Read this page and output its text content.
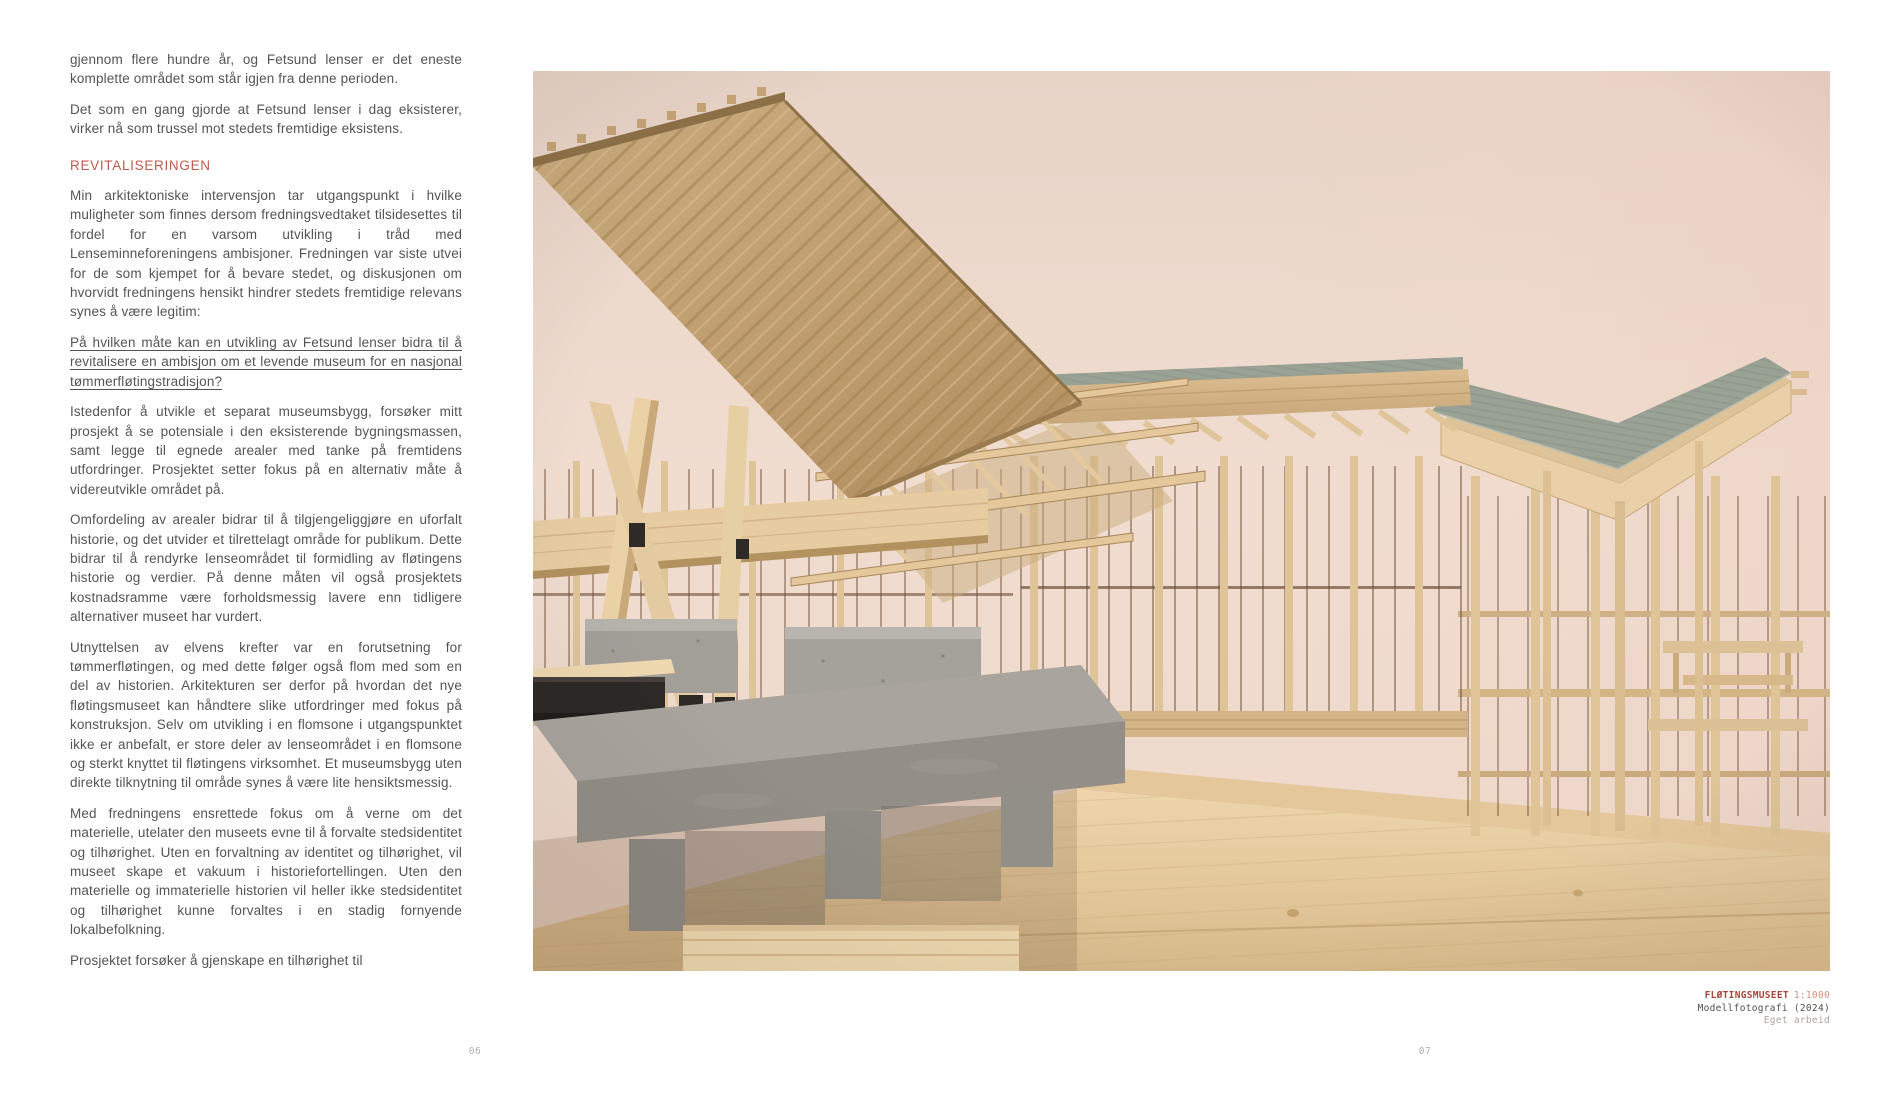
gjennom flere hundre år, og Fetsund lenser er det eneste komplette området som står igjen fra denne perioden.

Det som en gang gjorde at Fetsund lenser i dag eksisterer, virker nå som trussel mot stedets fremtidige eksistens.

REVITALISERINGEN

Min arkitektoniske intervensjon tar utgangspunkt i hvilke muligheter som finnes dersom fredningsvedtaket tilsidesettes til fordel for en varsom utvikling i tråd med Lenseminneforeningens ambisjoner. Fredningen var siste utvei for de som kjempet for å bevare stedet, og diskusjonen om hvorvidt fredningens hensikt hindrer stedets fremtidige relevans synes å være legitim:

På hvilken måte kan en utvikling av Fetsund lenser bidra til å revitalisere en ambisjon om et levende museum for en nasjonal tømmerfløtingstradisjon?

Istedenfor å utvikle et separat museumsbygg, forsøker mitt prosjekt å se potensiale i den eksisterende bygningsmassen, samt legge til egnede arealer med tanke på fremtidens utfordringer. Prosjektet setter fokus på en alternativ måte å videreutvikle området på.

Omfordeling av arealer bidrar til å tilgjengeliggjøre en uforfalt historie, og det utvider et tilrettelagt område for publikum. Dette bidrar til å rendyrke lenseområdet til formidling av fløtingens historie og verdier. På denne måten vil også prosjektets kostnadsramme være forholdsmessig lavere enn tidligere alternativer museet har vurdert.

Utnyttelsen av elvens krefter var en forutsetning for tømmerfløtingen, og med dette følger også flom med som en del av historien. Arkitekturen ser derfor på hvordan det nye fløtingsmuseet kan håndtere slike utfordringer med fokus på konstruksjon. Selv om utvikling i en flomsone i utgangspunktet ikke er anbefalt, er store deler av lenseområdet i en flomsone og sterkt knyttet til fløtingens virksomhet. Et museumsbygg uten direkte tilknytning til område synes å være lite hensiktsmessig.

Med fredningens ensrettede fokus om å verne om det materielle, utelater den museets evne til å forvalte stedsidentitet og tilhørighet. Uten en forvaltning av identitet og tilhørighet, vil museet skape et vakuum i historiefortellingen. Uten den materielle og immaterielle historien vil heller ikke stedsidentitet og tilhørighet kunne forvaltes i en stadig fornyende lokalbefolkning.

Prosjektet forsøker å gjenskape en tilhørighet til

FLØTINGSMUSEET 1:1000
Modellfotografi (2024)
Eget arbeid
06	07
